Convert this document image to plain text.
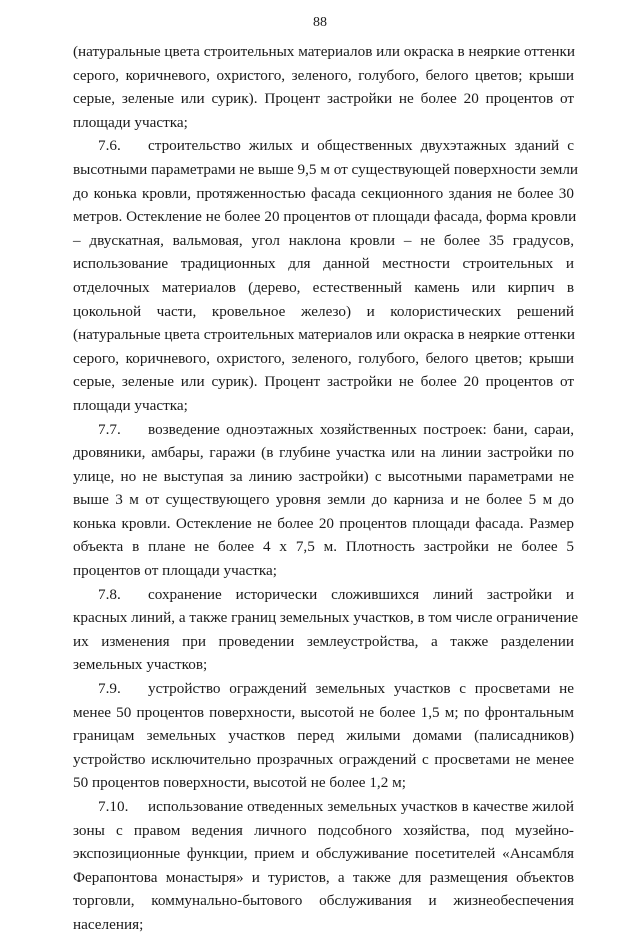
88
(натуральные цвета строительных материалов или окраска в неяркие оттенки
серого, коричневого, охристого, зеленого, голубого, белого цветов; крыши
серые, зеленые или сурик). Процент застройки не более 20 процентов от
площади участка;
7.6. строительство жилых и общественных двухэтажных зданий с
высотными параметрами не выше 9,5 м от существующей поверхности земли
до конька кровли, протяженностью фасада секционного здания не более 30
метров. Остекление не более 20 процентов от площади фасада, форма кровли
– двускатная, вальмовая, угол наклона кровли – не более 35 градусов,
использование традиционных для данной местности строительных и
отделочных материалов (дерево, естественный камень или кирпич в
цокольной части, кровельное железо) и колористических решений
(натуральные цвета строительных материалов или окраска в неяркие оттенки
серого, коричневого, охристого, зеленого, голубого, белого цветов; крыши
серые, зеленые или сурик). Процент застройки не более 20 процентов от
площади участка;
7.7. возведение одноэтажных хозяйственных построек: бани, сараи,
дровяники, амбары, гаражи (в глубине участка или на линии застройки по
улице, но не выступая за линию застройки) с высотными параметрами не
выше 3 м от существующего уровня земли до карниза и не более 5 м до
конька кровли. Остекление не более 20 процентов площади фасада. Размер
объекта в плане не более 4 х 7,5 м. Плотность застройки не более 5
процентов от площади участка;
7.8. сохранение исторически сложившихся линий застройки и
красных линий, а также границ земельных участков, в том числе ограничение
их изменения при проведении землеустройства, а также разделении
земельных участков;
7.9. устройство ограждений земельных участков с просветами не
менее 50 процентов поверхности, высотой не более 1,5 м; по фронтальным
границам земельных участков перед жилыми домами (палисадников)
устройство исключительно прозрачных ограждений с просветами не менее
50 процентов поверхности, высотой не более 1,2 м;
7.10. использование отведенных земельных участков в качестве жилой
зоны с правом ведения личного подсобного хозяйства, под музейно-
экспозиционные функции, прием и обслуживание посетителей «Ансамбля
Ферапонтова монастыря» и туристов, а также для размещения объектов
торговли, коммунально-бытового обслуживания и жизнеобеспечения
населения;
